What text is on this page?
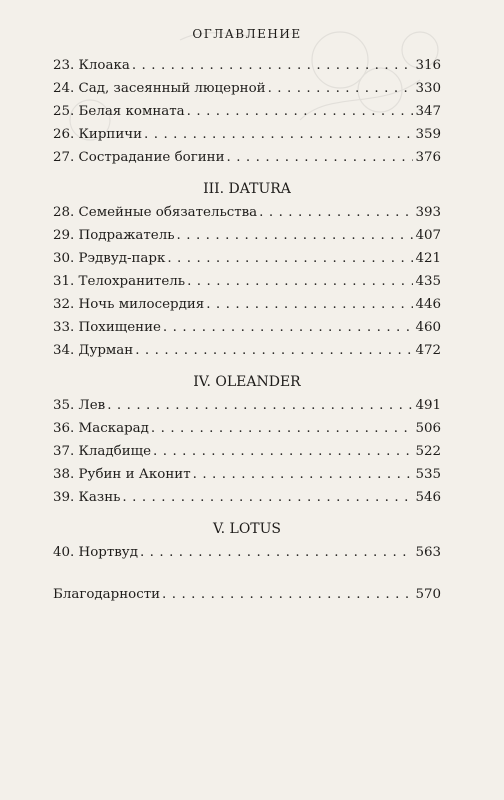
ОГЛАВЛЕНИЕ
23. Клоака . . .	316
24. Сад, засеянный люцерной . . .	330
25. Белая комната . . .	347
26. Кирпичи . . .	359
27. Сострадание богини . . .	376
III. DATURA
28. Семейные обязательства . . .	393
29. Подражатель . . .	407
30. Рэдвуд-парк . . .	421
31. Телохранитель . . .	435
32. Ночь милосердия . . .	446
33. Похищение . . .	460
34. Дурман . . .	472
IV. OLEANDER
35. Лев . . .	491
36. Маскарад . . .	506
37. Кладбище . . .	522
38. Рубин и Аконит . . .	535
39. Казнь . . .	546
V. LOTUS
40. Нортвуд . . .	563
Благодарности . . .	570
